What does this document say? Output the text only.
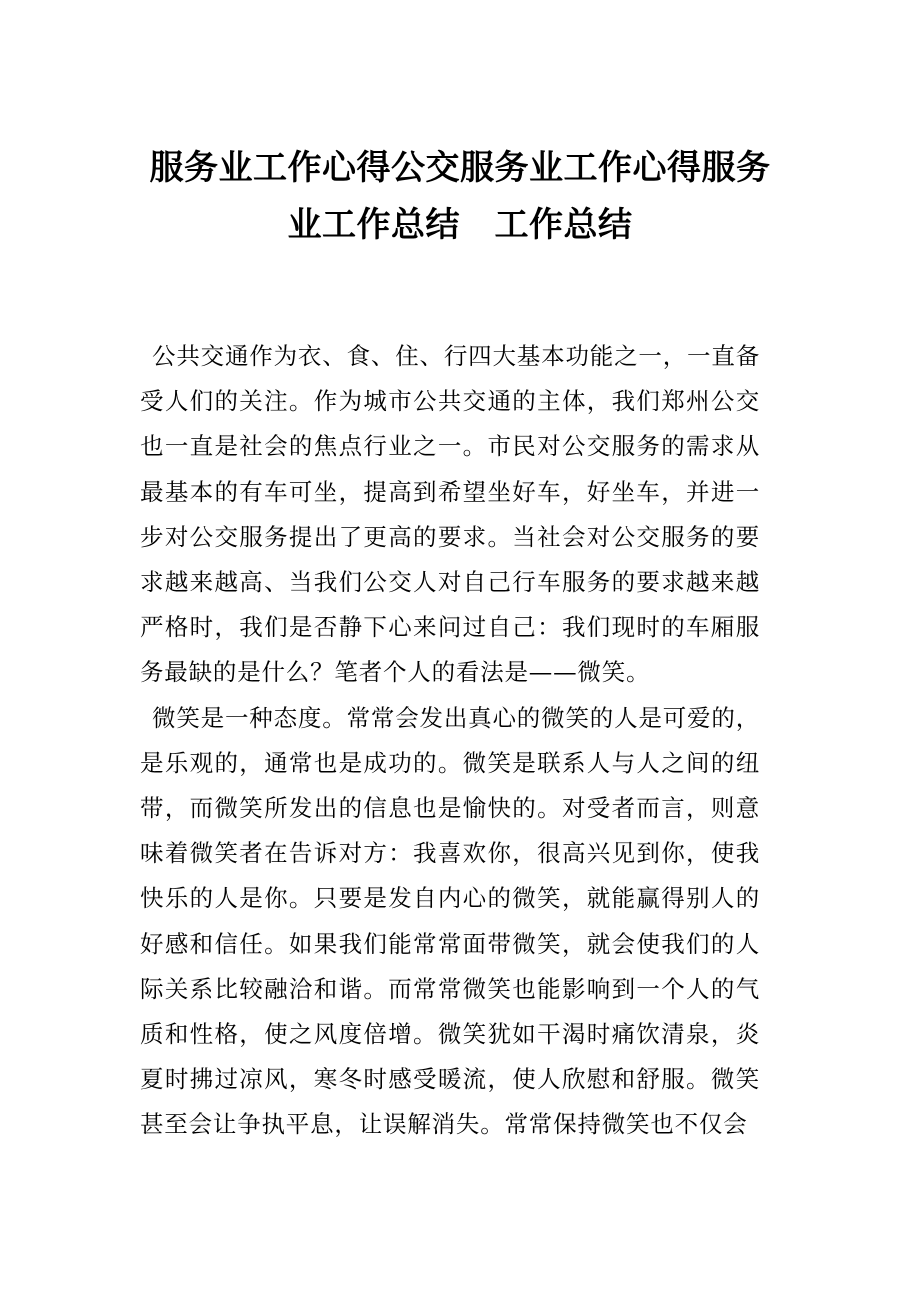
服务业工作心得公交服务业工作心得服务
业工作总结　工作总结

公共交通作为衣、食、住、行四大基本功能之一，一直备受人们的关注。作为城市公共交通的主体，我们郑州公交也一直是社会的焦点行业之一。市民对公交服务的需求从最基本的有车可坐，提高到希望坐好车，好坐车，并进一步对公交服务提出了更高的要求。当社会对公交服务的要求越来越高、当我们公交人对自己行车服务的要求越来越严格时，我们是否静下心来问过自己：我们现时的车厢服务最缺的是什么？笔者个人的看法是——微笑。

微笑是一种态度。常常会发出真心的微笑的人是可爱的，是乐观的，通常也是成功的。微笑是联系人与人之间的纽带，而微笑所发出的信息也是愉快的。对受者而言，则意味着微笑者在告诉对方：我喜欢你，很高兴见到你，使我快乐的人是你。只要是发自内心的微笑，就能赢得别人的好感和信任。如果我们能常常面带微笑，就会使我们的人际关系比较融洽和谐。而常常微笑也能影响到一个人的气质和性格，使之风度倍增。微笑犹如干渴时痛饮清泉，炎夏时拂过凉风，寒冬时感受暖流，使人欣慰和舒服。微笑甚至会让争执平息，让误解消失。常常保持微笑也不仅会
